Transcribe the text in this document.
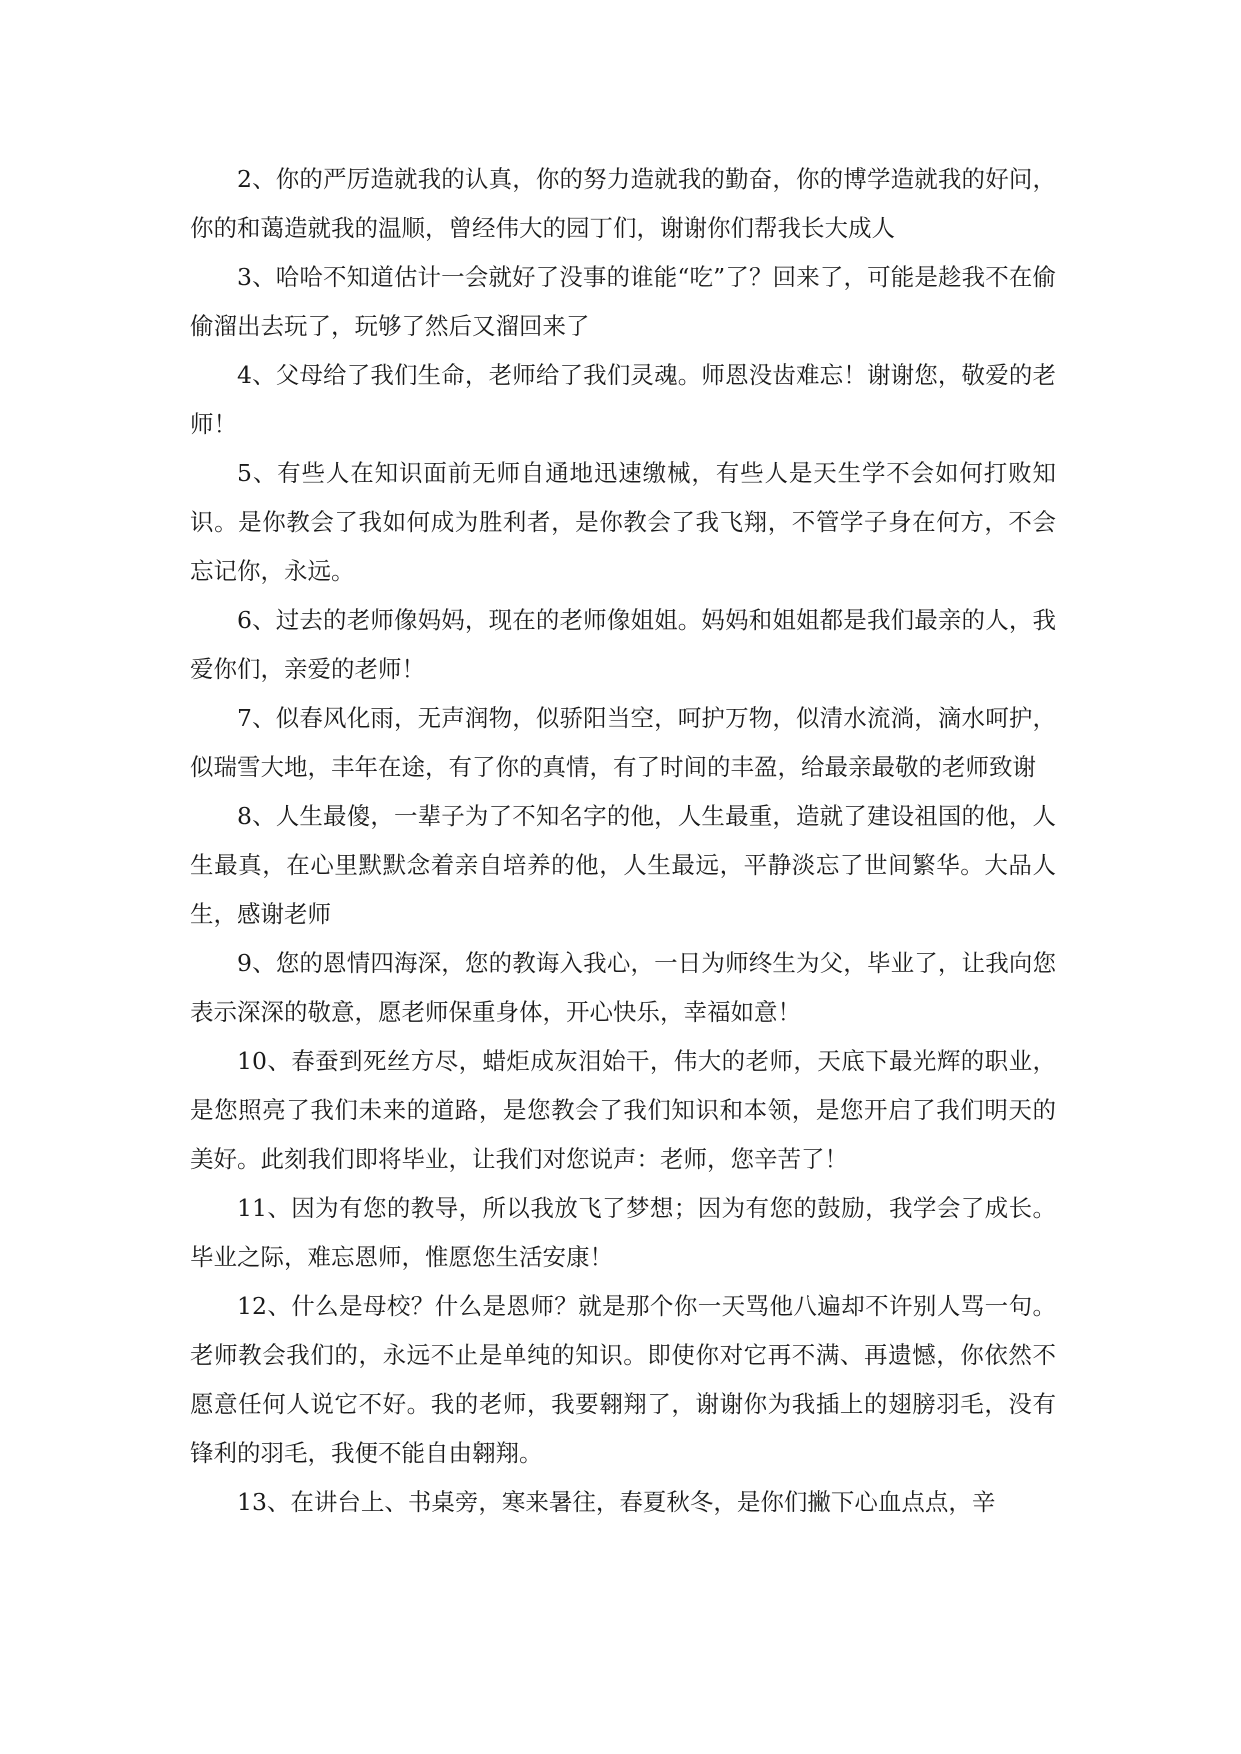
2、你的严厉造就我的认真，你的努力造就我的勤奋，你的博学造就我的好问，你的和蔼造就我的温顺，曾经伟大的园丁们，谢谢你们帮我长大成人

3、哈哈不知道估计一会就好了没事的谁能“吃”了？回来了，可能是趁我不在偷偷溜出去玩了，玩够了然后又溜回来了

4、父母给了我们生命，老师给了我们灵魂。师恩没齿难忘！谢谢您，敬爱的老师！

5、有些人在知识面前无师自通地迅速缴械，有些人是天生学不会如何打败知识。是你教会了我如何成为胜利者，是你教会了我飞翔，不管学子身在何方，不会忘记你，永远。

6、过去的老师像妈妈，现在的老师像姐姐。妈妈和姐姐都是我们最亲的人，我爱你们，亲爱的老师！

7、似春风化雨，无声润物，似骄阳当空，呵护万物，似清水流淌，滴水呵护，似瑞雪大地，丰年在途，有了你的真情，有了时间的丰盈，给最亲最敬的老师致谢

8、人生最傻，一辈子为了不知名字的他，人生最重，造就了建设祖国的他，人生最真，在心里默默念着亲自培养的他，人生最远，平静淡忘了世间繁华。大品人生，感谢老师

9、您的恩情四海深，您的教诲入我心，一日为师终生为父，毕业了，让我向您表示深深的敬意，愿老师保重身体，开心快乐，幸福如意！

10、春蚕到死丝方尽，蜡炬成灰泪始干，伟大的老师，天底下最光辉的职业，是您照亮了我们未来的道路，是您教会了我们知识和本领，是您开启了我们明天的美好。此刻我们即将毕业，让我们对您说声：老师，您辛苦了！

11、因为有您的教导，所以我放飞了梦想；因为有您的鼓励，我学会了成长。毕业之际，难忘恩师，惟愿您生活安康！

12、什么是母校？什么是恩师？就是那个你一天骂他八遍却不许别人骂一句。老师教会我们的，永远不止是单纯的知识。即使你对它再不满、再遗憾，你依然不愿意任何人说它不好。我的老师，我要翱翔了，谢谢你为我插上的翅膀羽毛，没有锋利的羽毛，我便不能自由翱翔。

13、在讲台上、书桌旁，寒来暑往，春夏秋冬，是你们撇下心血点点，辛
